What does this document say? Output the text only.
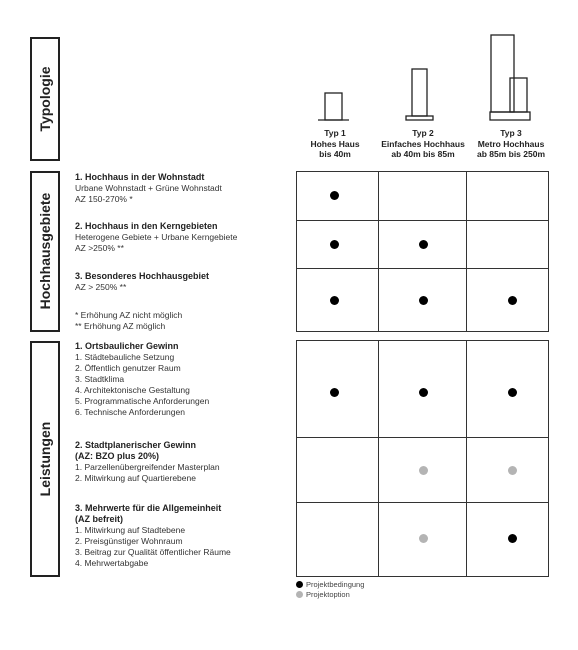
Typologie
Hochhausgebiete
Leistungen
Typ 1
Hohes Haus
bis 40m
Typ 2
Einfaches Hochhaus
ab 40m bis 85m
Typ 3
Metro Hochhaus
ab 85m bis 250m
1. Hochhaus in der Wohnstadt
Urbane Wohnstadt + Grüne Wohnstadt
AZ 150-270% *
2. Hochhaus in den Kerngebieten
Heterogene Gebiete + Urbane Kerngebiete
AZ >250% **
3. Besonderes Hochhausgebiet
AZ > 250% **
* Erhöhung AZ nicht möglich
** Erhöhung AZ möglich
1. Ortsbaulicher Gewinn
1. Städtebauliche Setzung
2. Öffentlich genutzer Raum
3. Stadtklima
4. Architektonische Gestaltung
5. Programmatische Anforderungen
6. Technische Anforderungen
2. Stadtplanerischer Gewinn
(AZ: BZO plus 20%)
1. Parzellenübergreifender Masterplan
2. Mitwirkung auf Quartierebene
3. Mehrwerte für die Allgemeinheit
(AZ befreit)
1. Mitwirkung auf Stadtebene
2. Preisgünstiger Wohnraum
3. Beitrag zur Qualität öffentlicher Räume
4. Mehrwertabgabe
Projektbedingung
Projektoption
